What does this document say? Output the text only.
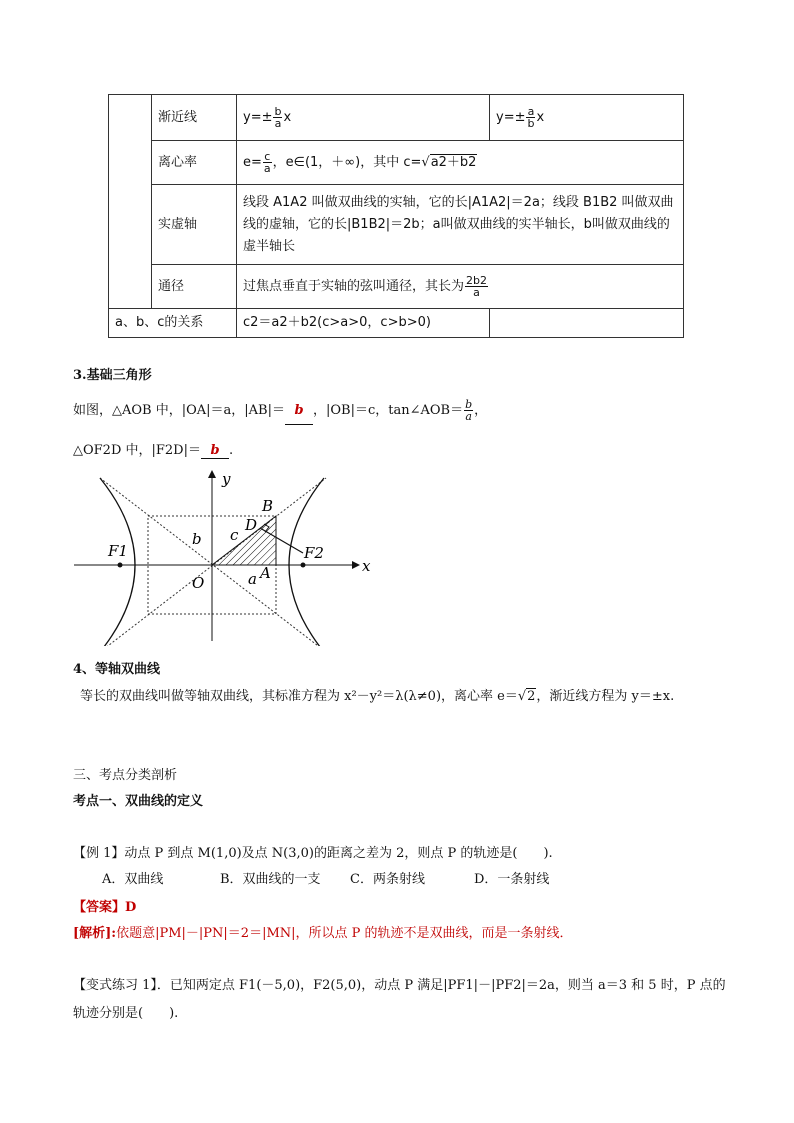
	渐近线	$y=\pm \frac{b}{a}$ x	$y=\pm \frac{a}{b}$ x
	离心率	$e= \frac{c}{a}$ ，e∈(1，＋∞)，其中 c=√a2＋b2	
	实虚轴	线段 A1A2 叫做双曲线的实轴，它的长|A1A2|＝2a；线段 B1B2 叫做双曲线的虚轴，它的长|B1B2|＝2b；a叫做双曲线的实半轴长，b叫做双曲线的虚半轴长	
	通径	过焦点垂直于实轴的弦叫通径，其长为 $\frac{2b2}{a}$

a、b、c的关系		c2＝a2＋b2(c>a>0，c>b>0)	
3.基础三角形
如图，△AOB 中，|OA|＝a，|AB|＝ b ，|OB|＝c，tan∠AOB＝ $\frac{b}{a}$ ，
△OF2D 中，|F2D|＝ b .
y
x
B
D
b c
F1	F2
O	a A
4、等轴双曲线
等长的双曲线叫做等轴双曲线，其标准方程为 x²－y²＝λ(λ≠0)，离心率 e＝√2，渐近线方程为 y＝±x.
三、考点分类剖析
考点一、双曲线的定义
【例 1】动点 P 到点 M(1,0)及点 N(3,0)的距离之差为 2，则点 P 的轨迹是(　　).
A．双曲线	B．双曲线的一支 C．两条射线	D．一条射线
【答案】D
[解析]:依题意|PM|－|PN|＝2＝|MN|，所以点 P 的轨迹不是双曲线，而是一条射线．
【变式练习 1】．已知两定点 F1(－5,0)，F2(5,0)，动点 P 满足|PF1|－|PF2|＝2a，则当 a＝3 和 5 时，P 点的
轨迹分别是(　　).
